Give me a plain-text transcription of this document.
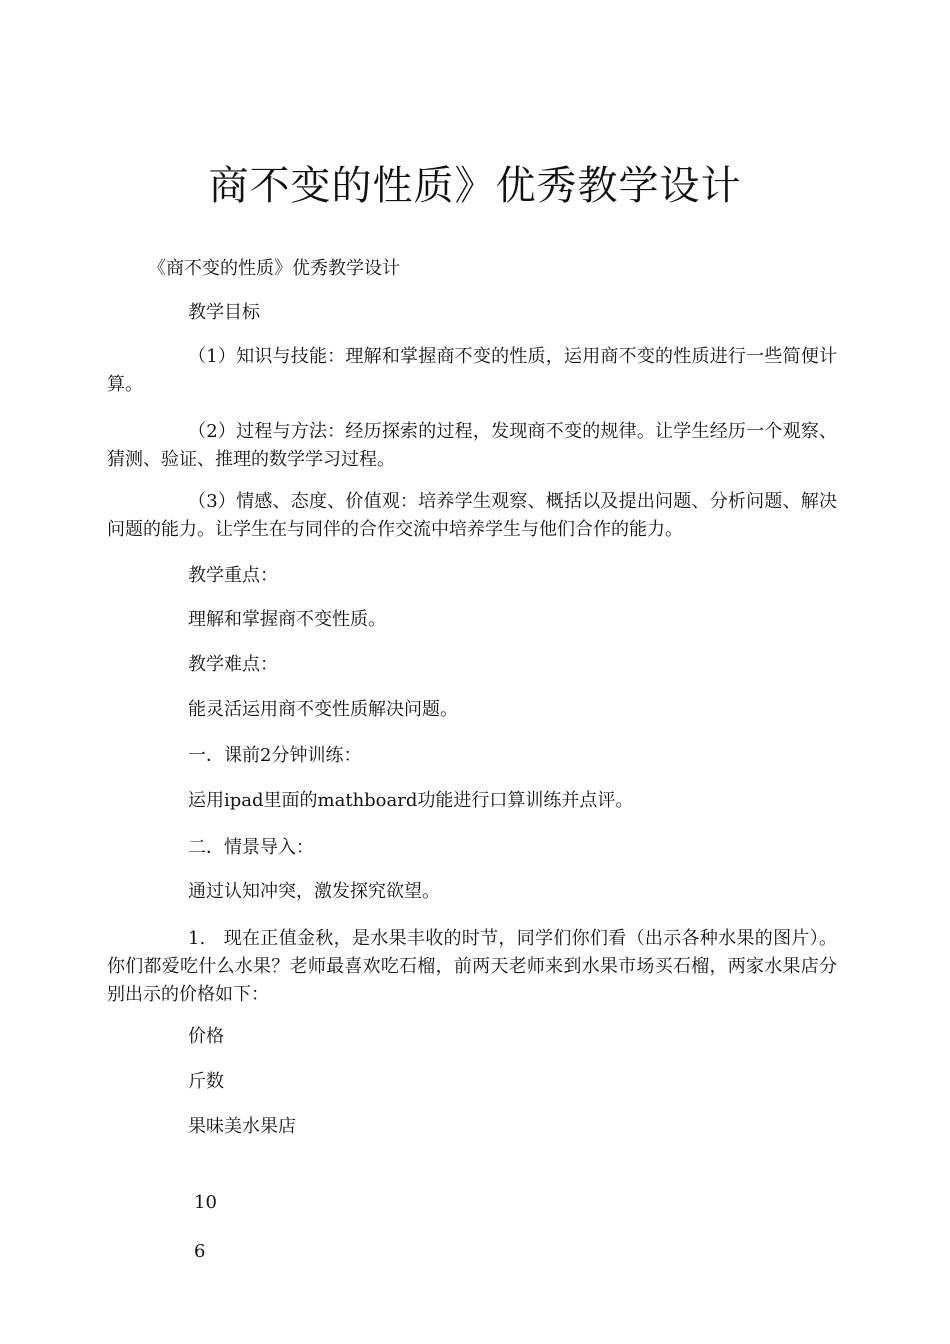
商不变的性质》优秀教学设计
《商不变的性质》优秀教学设计
教学目标
（1）知识与技能：理解和掌握商不变的性质，运用商不变的性质进行一些简便计算。
（2）过程与方法：经历探索的过程，发现商不变的规律。让学生经历一个观察、猜测、验证、推理的数学学习过程。
（3）情感、态度、价值观：培养学生观察、概括以及提出问题、分析问题、解决问题的能力。让学生在与同伴的合作交流中培养学生与他们合作的能力。
教学重点：
理解和掌握商不变性质。
教学难点：
能灵活运用商不变性质解决问题。
一．课前2分钟训练：
运用ipad里面的mathboard功能进行口算训练并点评。
二．情景导入：
通过认知冲突，激发探究欲望。
1.　现在正值金秋，是水果丰收的时节，同学们你们看（出示各种水果的图片）。你们都爱吃什么水果？老师最喜欢吃石榴，前两天老师来到水果市场买石榴，两家水果店分别出示的价格如下：
价格
斤数
果味美水果店
10
6
